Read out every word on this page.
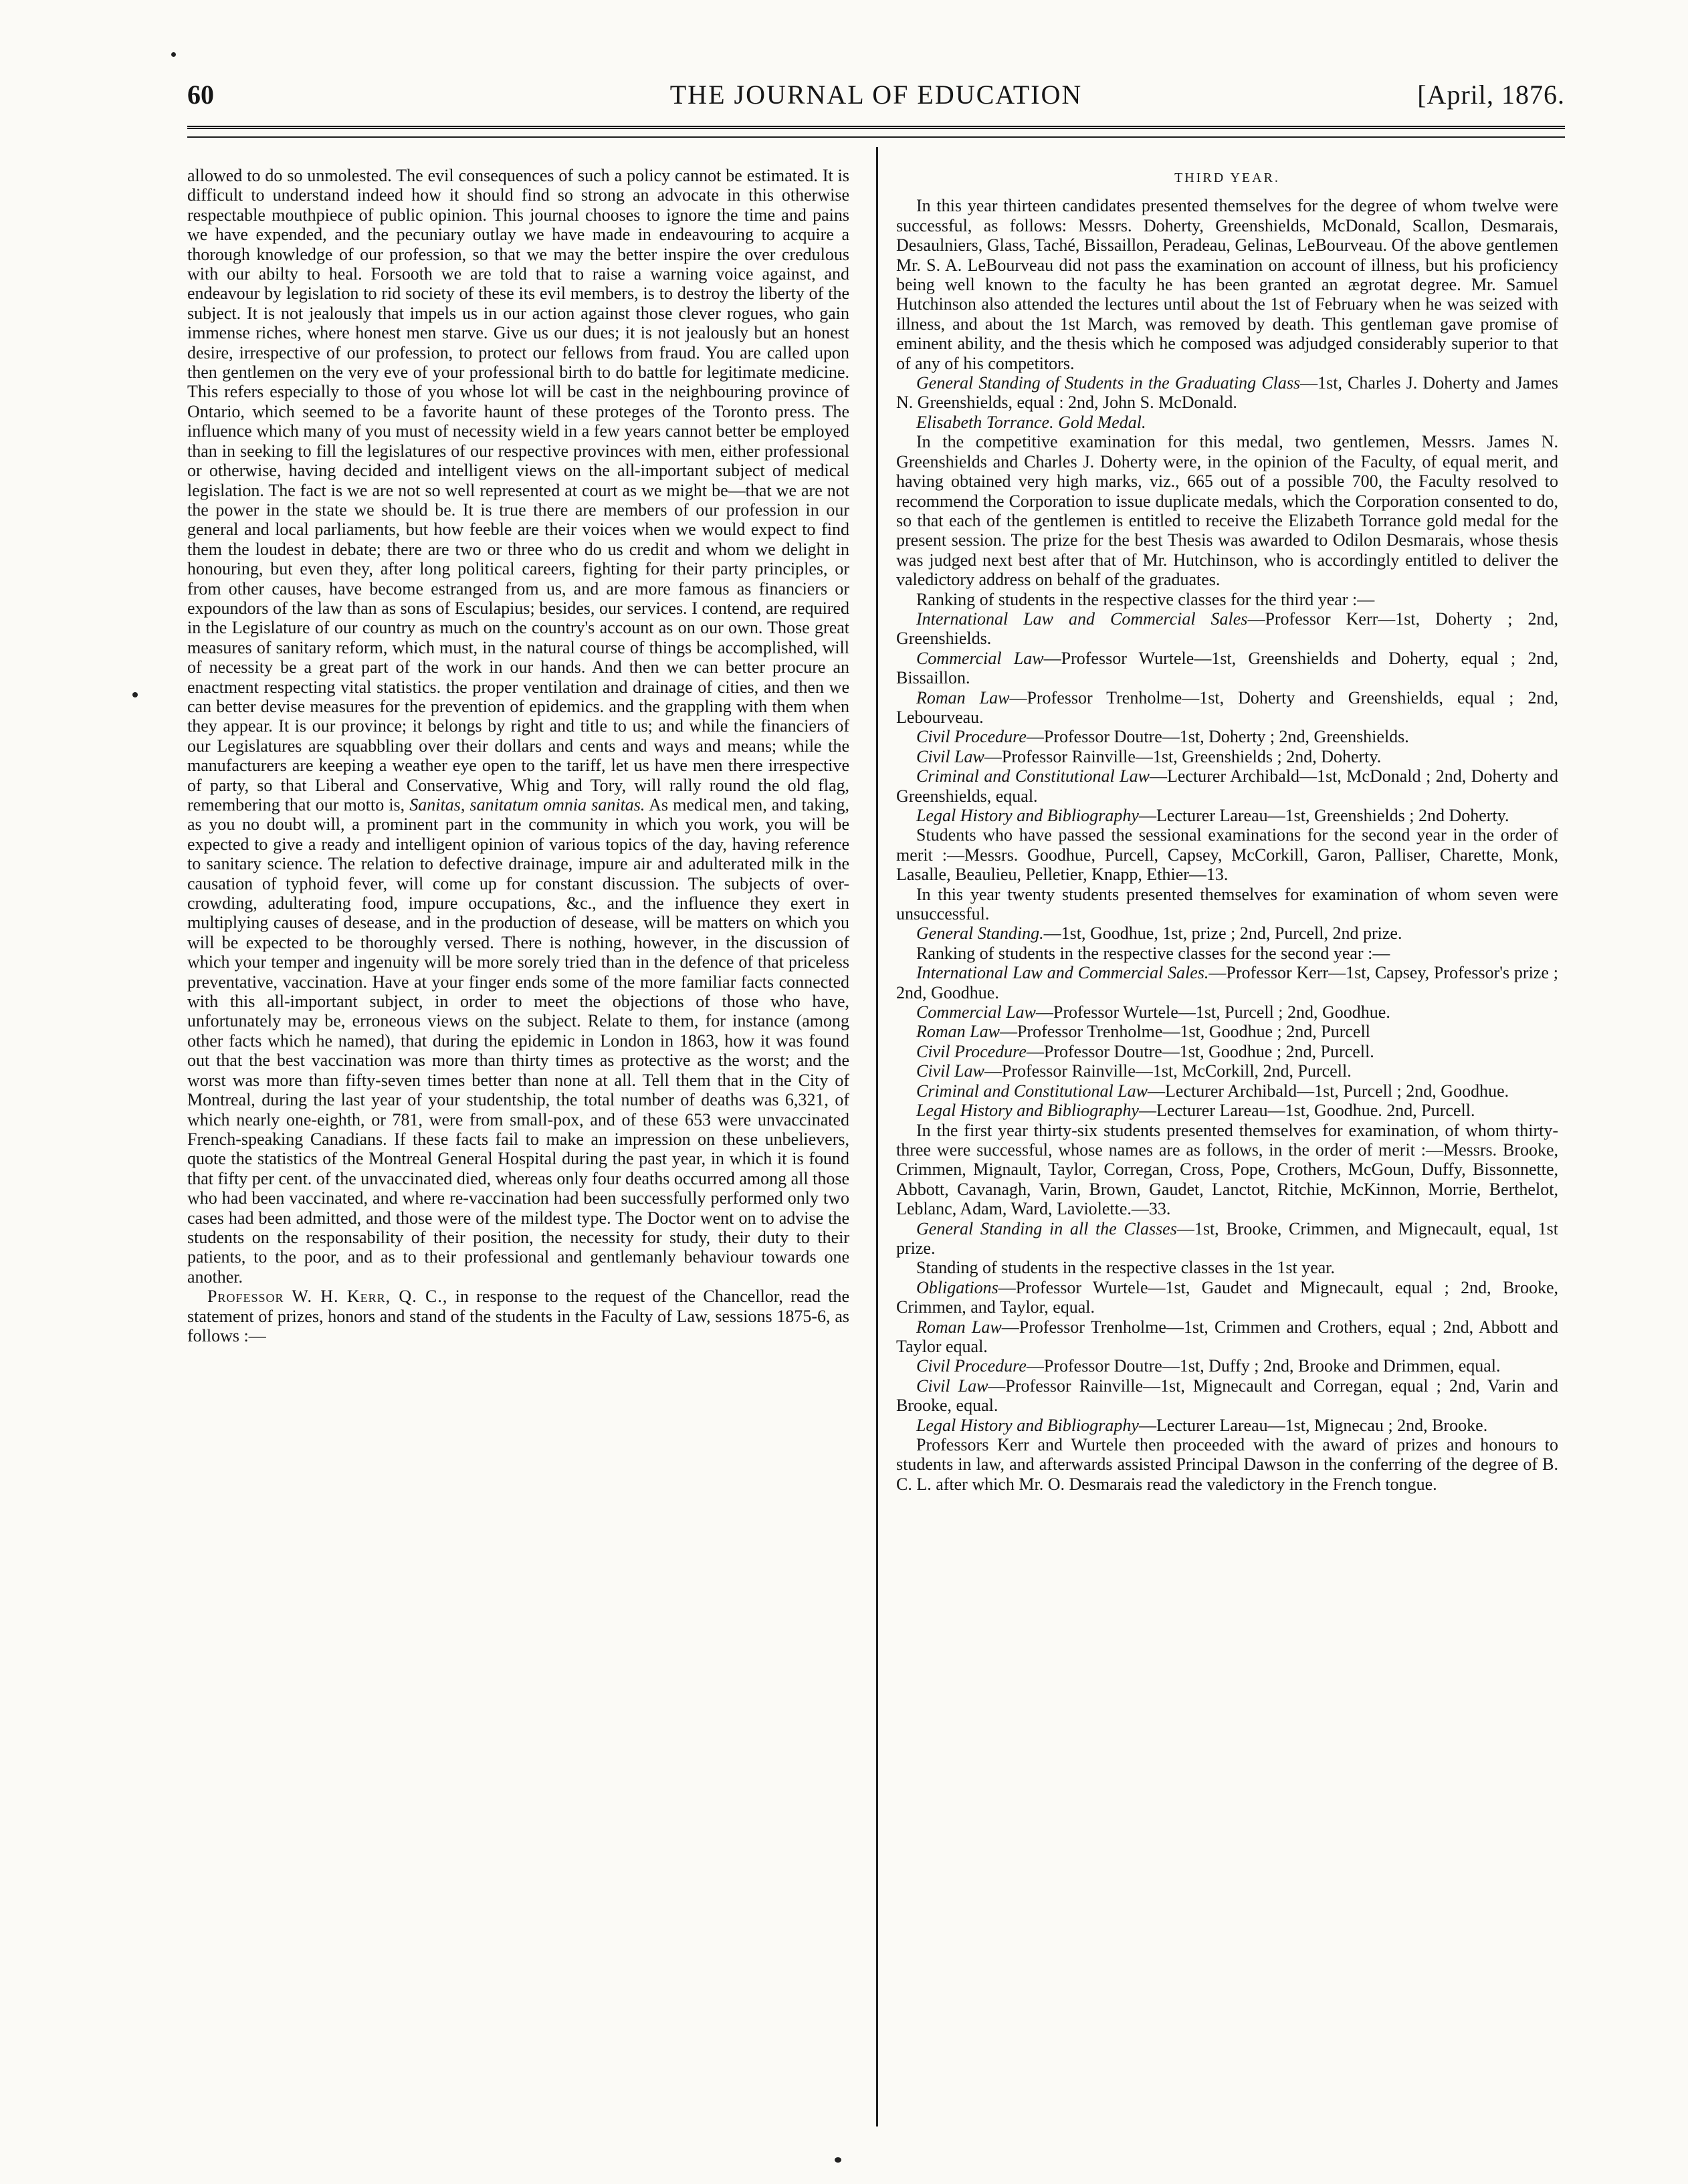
60	THE JOURNAL OF EDUCATION	[April, 1876.

allowed to do so unmolested. The evil consequences of such a policy cannot be estimated. It is difficult to understand indeed how it should find so strong an advocate in this otherwise respectable mouthpiece of public opinion. This journal chooses to ignore the time and pains we have expended, and the pecuniary outlay we have made in endeavouring to acquire a thorough knowledge of our profession, so that we may the better inspire the over credulous with our abilty to heal. Forsooth we are told that to raise a warning voice against, and endeavour by legislation to rid society of these its evil members, is to destroy the liberty of the subject. It is not jealously that impels us in our action against those clever rogues, who gain immense riches, where honest men starve. Give us our dues; it is not jealously but an honest desire, irrespective of our profession, to protect our fellows from fraud. You are called upon then gentlemen on the very eve of your professional birth to do battle for legitimate medicine. This refers especially to those of you whose lot will be cast in the neighbouring province of Ontario, which seemed to be a favorite haunt of these proteges of the Toronto press. The influence which many of you must of necessity wield in a few years cannot better be employed than in seeking to fill the legislatures of our respective provinces with men, either professional or otherwise, having decided and intelligent views on the all-important subject of medical legislation. The fact is we are not so well represented at court as we might be—that we are not the power in the state we should be. It is true there are members of our profession in our general and local parliaments, but how feeble are their voices when we would expect to find them the loudest in debate; there are two or three who do us credit and whom we delight in honouring, but even they, after long political careers, fighting for their party principles, or from other causes, have become estranged from us, and are more famous as financiers or expoundors of the law than as sons of Esculapius; besides, our services. I contend, are required in the Legislature of our country as much on the country's account as on our own. Those great measures of sanitary reform, which must, in the natural course of things be accomplished, will of necessity be a great part of the work in our hands. And then we can better procure an enactment respecting vital statistics. the proper ventilation and drainage of cities, and then we can better devise measures for the prevention of epidemics. and the grappling with them when they appear. It is our province; it belongs by right and title to us; and while the financiers of our Legislatures are squabbling over their dollars and cents and ways and means; while the manufacturers are keeping a weather eye open to the tariff, let us have men there irrespective of party, so that Liberal and Conservative, Whig and Tory, will rally round the old flag, remembering that our motto is, Sanitas, sanitatum omnia sanitas. As medical men, and taking, as you no doubt will, a prominent part in the community in which you work, you will be expected to give a ready and intelligent opinion of various topics of the day, having reference to sanitary science. The relation to defective drainage, impure air and adulterated milk in the causation of typhoid fever, will come up for constant discussion. The subjects of over-crowding, adulterating food, impure occupations, &c., and the influence they exert in multiplying causes of desease, and in the production of desease, will be matters on which you will be expected to be thoroughly versed. There is nothing, however, in the discussion of which your temper and ingenuity will be more sorely tried than in the defence of that priceless preventative, vaccination. Have at your finger ends some of the more familiar facts connected with this all-important subject, in order to meet the objections of those who have, unfortunately may be, erroneous views on the subject. Relate to them, for instance (among other facts which he named), that during the epidemic in London in 1863, how it was found out that the best vaccination was more than thirty times as protective as the worst; and the worst was more than fifty-seven times better than none at all. Tell them that in the City of Montreal, during the last year of your studentship, the total number of deaths was 6,321, of which nearly one-eighth, or 781, were from small-pox, and of these 653 were unvaccinated French-speaking Canadians. If these facts fail to make an impression on these unbelievers, quote the statistics of the Montreal General Hospital during the past year, in which it is found that fifty per cent. of the unvaccinated died, whereas only four deaths occurred among all those who had been vaccinated, and where re-vaccination had been successfully performed only two cases had been admitted, and those were of the mildest type. The Doctor went on to advise the students on the responsability of their position, the necessity for study, their duty to their patients, to the poor, and as to their professional and gentlemanly behaviour towards one another.

Professor W. H. Kerr, Q. C., in response to the request of the Chancellor, read the statement of prizes, honors and stand of the students in the Faculty of Law, sessions 1875-6, as follows :—

THIRD YEAR.

In this year thirteen candidates presented themselves for the degree of whom twelve were successful, as follows: Messrs. Doherty, Greenshields, McDonald, Scallon, Desmarais, Desaulniers, Glass, Taché, Bissaillon, Peradeau, Gelinas, LeBourveau. Of the above gentlemen Mr. S. A. LeBourveau did not pass the examination on account of illness, but his proficiency being well known to the faculty he has been granted an ægrotat degree. Mr. Samuel Hutchinson also attended the lectures until about the 1st of February when he was seized with illness, and about the 1st March, was removed by death. This gentleman gave promise of eminent ability, and the thesis which he composed was adjudged considerably superior to that of any of his competitors.

General Standing of Students in the Graduating Class—1st, Charles J. Doherty and James N. Greenshields, equal : 2nd, John S. McDonald.

Elisabeth Torrance. Gold Medal.

In the competitive examination for this medal, two gentlemen, Messrs. James N. Greenshields and Charles J. Doherty were, in the opinion of the Faculty, of equal merit, and having obtained very high marks, viz., 665 out of a possible 700, the Faculty resolved to recommend the Corporation to issue duplicate medals, which the Corporation consented to do, so that each of the gentlemen is entitled to receive the Elizabeth Torrance gold medal for the present session. The prize for the best Thesis was awarded to Odilon Desmarais, whose thesis was judged next best after that of Mr. Hutchinson, who is accordingly entitled to deliver the valedictory address on behalf of the graduates.

Ranking of students in the respective classes for the third year :—

International Law and Commercial Sales—Professor Kerr—1st, Doherty ; 2nd, Greenshields.

Commercial Law—Professor Wurtele—1st, Greenshields and Doherty, equal ; 2nd, Bissaillon.

Roman Law—Professor Trenholme—1st, Doherty and Greenshields, equal ; 2nd, Lebourveau.

Civil Procedure—Professor Doutre—1st, Doherty ; 2nd, Greenshields.

Civil Law—Professor Rainville—1st, Greenshields ; 2nd, Doherty.

Criminal and Constitutional Law—Lecturer Archibald—1st, McDonald ; 2nd, Doherty and Greenshields, equal.

Legal History and Bibliography—Lecturer Lareau—1st, Greenshields ; 2nd Doherty.

Students who have passed the sessional examinations for the second year in the order of merit :—Messrs. Goodhue, Purcell, Capsey, McCorkill, Garon, Palliser, Charette, Monk, Lasalle, Beaulieu, Pelletier, Knapp, Ethier—13.

In this year twenty students presented themselves for examination of whom seven were unsuccessful.

General Standing.—1st, Goodhue, 1st, prize ; 2nd, Purcell, 2nd prize.

Ranking of students in the respective classes for the second year :—

International Law and Commercial Sales.—Professor Kerr—1st, Capsey, Professor's prize ; 2nd, Goodhue.

Commercial Law—Professor Wurtele—1st, Purcell ; 2nd, Goodhue.

Roman Law—Professor Trenholme—1st, Goodhue ; 2nd, Purcell

Civil Procedure—Professor Doutre—1st, Goodhue ; 2nd, Purcell.

Civil Law—Professor Rainville—1st, McCorkill, 2nd, Purcell.

Criminal and Constitutional Law—Lecturer Archibald—1st, Purcell ; 2nd, Goodhue.

Legal History and Bibliography—Lecturer Lareau—1st, Goodhue. 2nd, Purcell.

In the first year thirty-six students presented themselves for examination, of whom thirty-three were successful, whose names are as follows, in the order of merit :—Messrs. Brooke, Crimmen, Mignault, Taylor, Corregan, Cross, Pope, Crothers, McGoun, Duffy, Bissonnette, Abbott, Cavanagh, Varin, Brown, Gaudet, Lanctot, Ritchie, McKinnon, Morrie, Berthelot, Leblanc, Adam, Ward, Laviolette.—33.

General Standing in all the Classes—1st, Brooke, Crimmen, and Mignecault, equal, 1st prize.

Standing of students in the respective classes in the 1st year.

Obligations—Professor Wurtele—1st, Gaudet and Mignecault, equal ; 2nd, Brooke, Crimmen, and Taylor, equal.

Roman Law—Professor Trenholme—1st, Crimmen and Crothers, equal ; 2nd, Abbott and Taylor equal.

Civil Procedure—Professor Doutre—1st, Duffy ; 2nd, Brooke and Drimmen, equal.

Civil Law—Professor Rainville—1st, Mignecault and Corregan, equal ; 2nd, Varin and Brooke, equal.

Legal History and Bibliography—Lecturer Lareau—1st, Mignecau ; 2nd, Brooke.

Professors Kerr and Wurtele then proceeded with the award of prizes and honours to students in law, and afterwards assisted Principal Dawson in the conferring of the degree of B. C. L. after which Mr. O. Desmarais read the valedictory in the French tongue.
